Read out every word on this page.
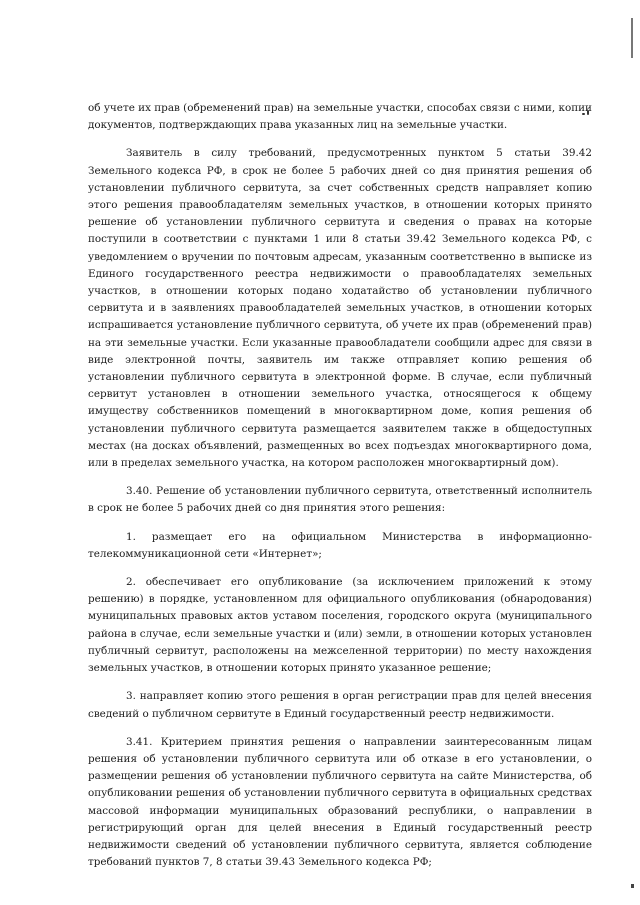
об учете их прав (обременений прав) на земельные участки, способах связи с ними, копии документов, подтверждающих права указанных лиц на земельные участки.

Заявитель в силу требований, предусмотренных пунктом 5 статьи 39.42 Земельного кодекса РФ, в срок не более 5 рабочих дней со дня принятия решения об установлении публичного сервитута, за счет собственных средств направляет копию этого решения правообладателям земельных участков, в отношении которых принято решение об установлении публичного сервитута и сведения о правах на которые поступили в соответствии с пунктами 1 или 8 статьи 39.42 Земельного кодекса РФ, с уведомлением о вручении по почтовым адресам, указанным соответственно в выписке из Единого государственного реестра недвижимости о правообладателях земельных участков, в отношении которых подано ходатайство об установлении публичного сервитута и в заявлениях правообладателей земельных участков, в отношении которых испрашивается установление публичного сервитута, об учете их прав (обременений прав) на эти земельные участки. Если указанные правообладатели сообщили адрес для связи в виде электронной почты, заявитель им также отправляет копию решения об установлении публичного сервитута в электронной форме. В случае, если публичный сервитут установлен в отношении земельного участка, относящегося к общему имуществу собственников помещений в многоквартирном доме, копия решения об установлении публичного сервитута размещается заявителем также в общедоступных местах (на досках объявлений, размещенных во всех подъездах многоквартирного дома, или в пределах земельного участка, на котором расположен многоквартирный дом).

3.40. Решение об установлении публичного сервитута, ответственный исполнитель в срок не более 5 рабочих дней со дня принятия этого решения:

1. размещает его на официальном Министерства в информационно-телекоммуникационной сети «Интернет»;

2. обеспечивает его опубликование (за исключением приложений к этому решению) в порядке, установленном для официального опубликования (обнародования) муниципальных правовых актов уставом поселения, городского округа (муниципального района в случае, если земельные участки и (или) земли, в отношении которых установлен публичный сервитут, расположены на межселенной территории) по месту нахождения земельных участков, в отношении которых принято указанное решение;

3. направляет копию этого решения в орган регистрации прав для целей внесения сведений о публичном сервитуте в Единый государственный реестр недвижимости.

3.41. Критерием принятия решения о направлении заинтересованным лицам решения об установлении публичного сервитута или об отказе в его установлении, о размещении решения об установлении публичного сервитута на сайте Министерства, об опубликовании решения об установлении публичного сервитута в официальных средствах массовой информации муниципальных образований республики, о направлении в регистрирующий орган для целей внесения в Единый государственный реестр недвижимости сведений об установлении публичного сервитута, является соблюдение требований пунктов 7, 8 статьи 39.43 Земельного кодекса РФ;
